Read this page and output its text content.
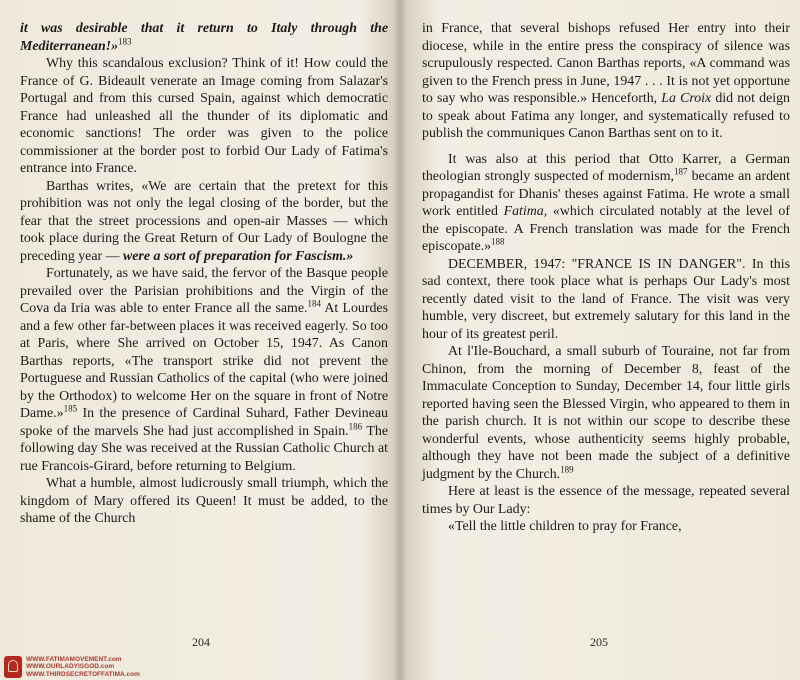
it was desirable that it return to Italy through the Mediterranean!»$^{183}$

Why this scandalous exclusion? Think of it! How could the France of G. Bideault venerate an Image coming from Salazar's Portugal and from this cursed Spain, against which democratic France had unleashed all the thunder of its diplomatic and economic sanctions! The order was given to the police commissioner at the border post to forbid Our Lady of Fatima's entrance into France.

Barthas writes, «We are certain that the pretext for this prohibition was not only the legal closing of the border, but the fear that the street processions and open-air Masses — which took place during the Great Return of Our Lady of Boulogne the preceding year — were a sort of preparation for Fascism.»

Fortunately, as we have said, the fervor of the Basque people prevailed over the Parisian prohibitions and the Virgin of the Cova da Iria was able to enter France all the same.$^{184}$ At Lourdes and a few other far-between places it was received eagerly. So too at Paris, where She arrived on October 15, 1947. As Canon Barthas reports, «The transport strike did not prevent the Portuguese and Russian Catholics of the capital (who were joined by the Orthodox) to welcome Her on the square in front of Notre Dame.»$^{185}$ In the presence of Cardinal Suhard, Father Devineau spoke of the marvels She had just accomplished in Spain.$^{186}$ The following day She was received at the Russian Catholic Church at rue Francois-Girard, before returning to Belgium.

What a humble, almost ludicrously small triumph, which the kingdom of Mary offered its Queen! It must be added, to the shame of the Church

204
WWW.FATIMAMOVEMENT.com
WWW.OURLADYISGOD.com
WWW.THIRDSECRETOFFATIMA.com

in France, that several bishops refused Her entry into their diocese, while in the entire press the conspiracy of silence was scrupulously respected. Canon Barthas reports, «A command was given to the French press in June, 1947 . . . It is not yet opportune to say who was responsible.» Henceforth, La Croix did not deign to speak about Fatima any longer, and systematically refused to publish the communiques Canon Barthas sent on to it.

It was also at this period that Otto Karrer, a German theologian strongly suspected of modernism,$^{187}$ became an ardent propagandist for Dhanis' theses against Fatima. He wrote a small work entitled Fatima, «which circulated notably at the level of the episcopate. A French translation was made for the French episcopate.»$^{188}$

DECEMBER, 1947: "FRANCE IS IN DANGER". In this sad context, there took place what is perhaps Our Lady's most recently dated visit to the land of France. The visit was very humble, very discreet, but extremely salutary for this land in the hour of its greatest peril.

At l'Ile-Bouchard, a small suburb of Touraine, not far from Chinon, from the morning of December 8, feast of the Immaculate Conception to Sunday, December 14, four little girls reported having seen the Blessed Virgin, who appeared to them in the parish church. It is not within our scope to describe these wonderful events, whose authenticity seems highly probable, although they have not been made the subject of a definitive judgment by the Church.$^{189}$

Here at least is the essence of the message, repeated several times by Our Lady:

«Tell the little children to pray for France,

205
